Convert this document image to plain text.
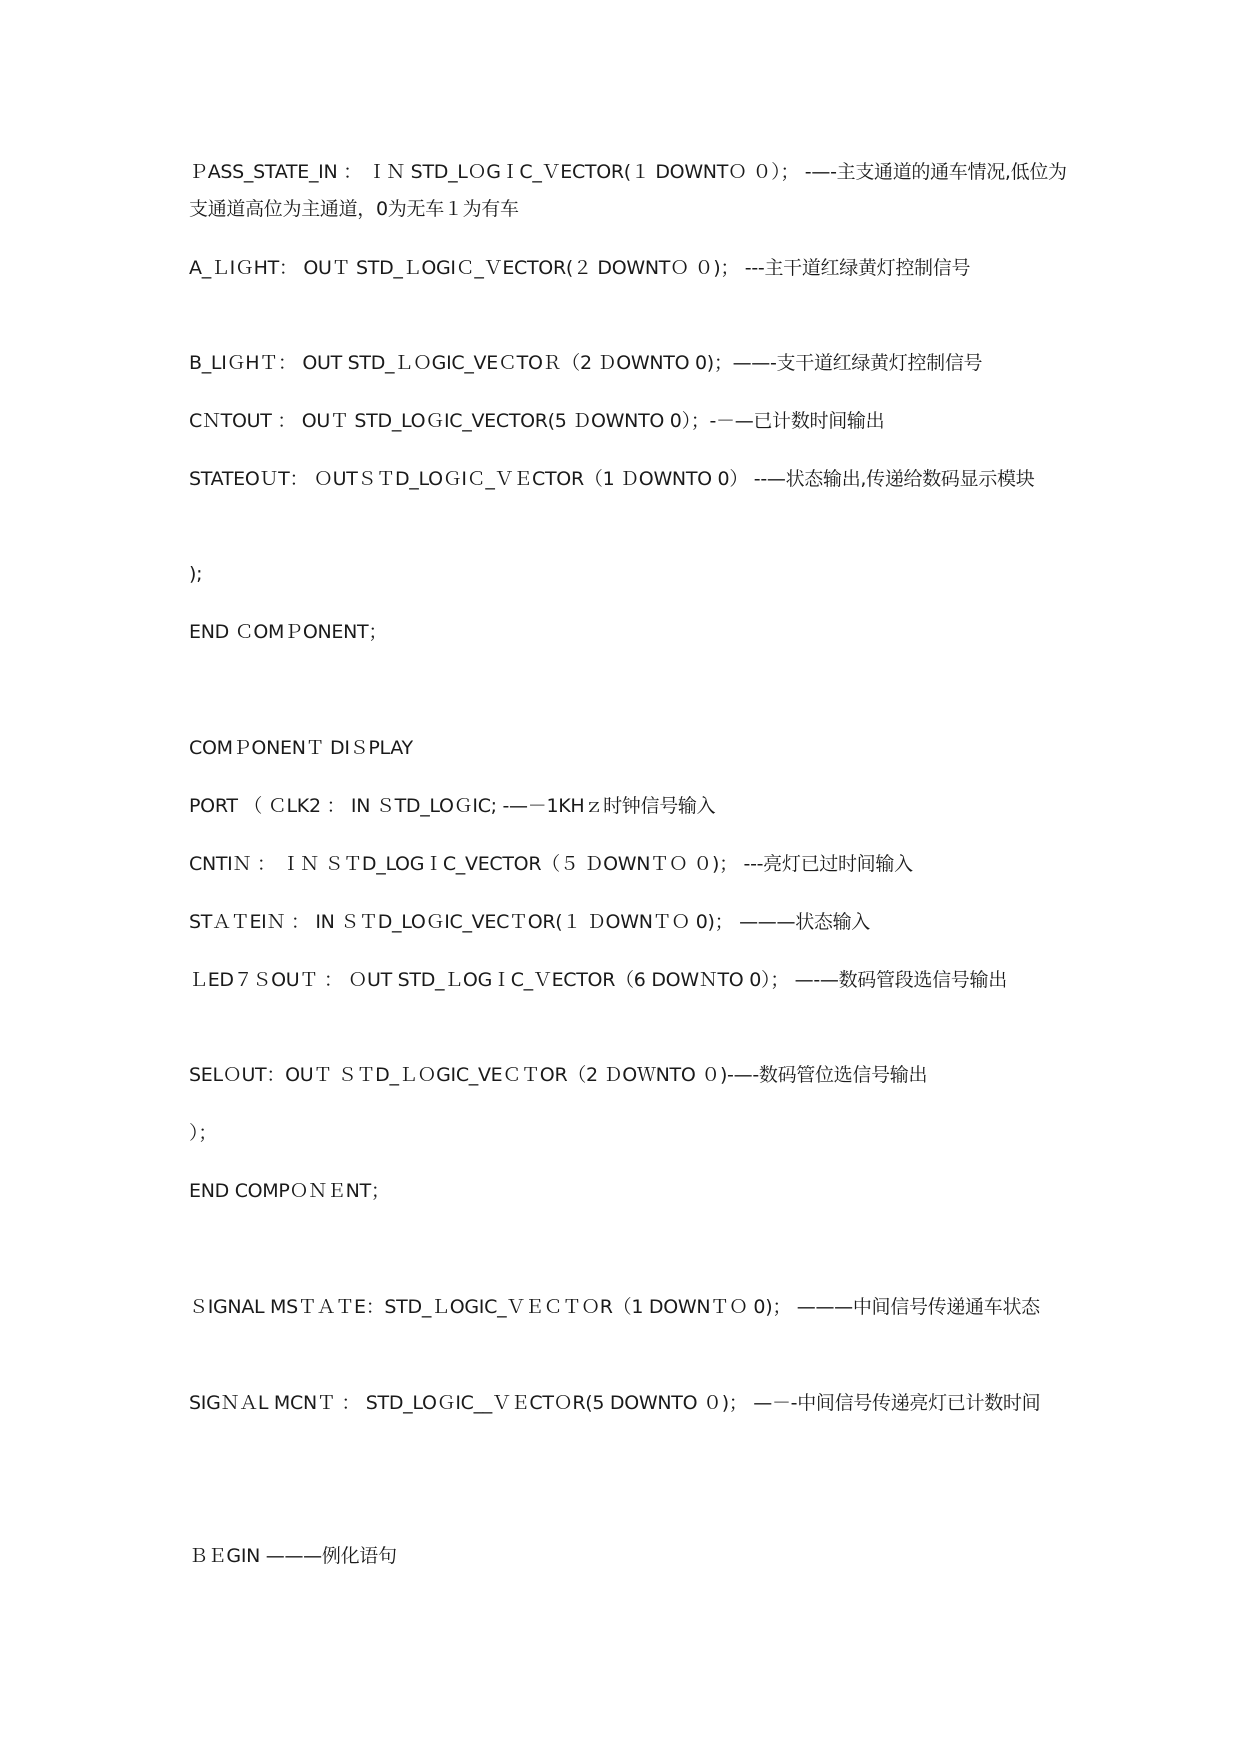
ＰASS_STATE_IN ： ＩＮ STD_LＯGＩC_ＶECTOR(１ DOWNTＯ ０）； -—-主支通道的通车情况,低位为支通道高位为主通道，0为无车１为有车
A_ＬIＧHT： OUＴ STD_ＬOGIＣ_ＶECTOR(２ DOWNTＯ ０)； ---主干道红绿黄灯控制信号
B_LIＧHＴ： OUT STD_ＬＯGIC_VEＣTOＲ（2 ＤOWNTO 0)；——-支干道红绿黄灯控制信号
CＮTOUT ： OUＴ STD_LOＧIC_VECTOR(5 ＤOWNTO 0）；-－—已计数时间输出
STATEOＵT： ＯUTＳＴD_LOＧIＣ_ＶＥCTOR（1 ＤOWNTO 0） --—状态输出,传递给数码显示模块
);
END ＣOMＰONENT；
COMＰONENＴ DIＳPLAY
PORT （ ＣLK2 ： IN ＳTD_LOＧIC; -—－1KHｚ时钟信号输入
CNTIＮ ： ＩＮ ＳＴD_LOGＩC_VECTOR（５ ＤOWNＴＯ ０)； ---亮灯已过时间输入
STＡＴEIＮ ： IN ＳＴD_LOＧIC_VECＴOR(１ ＤOWNＴＯ 0)； ———状态输入
ＬED７ＳOUＴ ： ＯUT STD_ＬOGＩC_ＶECTOR（6 DOWＮTO 0）； —-—数码管段选信号输出
SELＯUT：OUＴ ＳＴD_ＬＯGIC_VEＣＴOR（2 ＤOＷNTO ０)-—-数码管位选信号输出
）；
END COMPＯＮＥNT；
ＳIGNAL MSＴＡＴE：STD_ＬOGIC_ＶＥＣＴＯR（1 DOWNＴＯ 0)； ———中间信号传递通车状态
SIGＮＡL MCNＴ ： STD_LOＧIC__ＶＥCTＯR(5 DOWNTO ０)； —－-中间信号传递亮灯已计数时间
ＢＥGIN ———例化语句
